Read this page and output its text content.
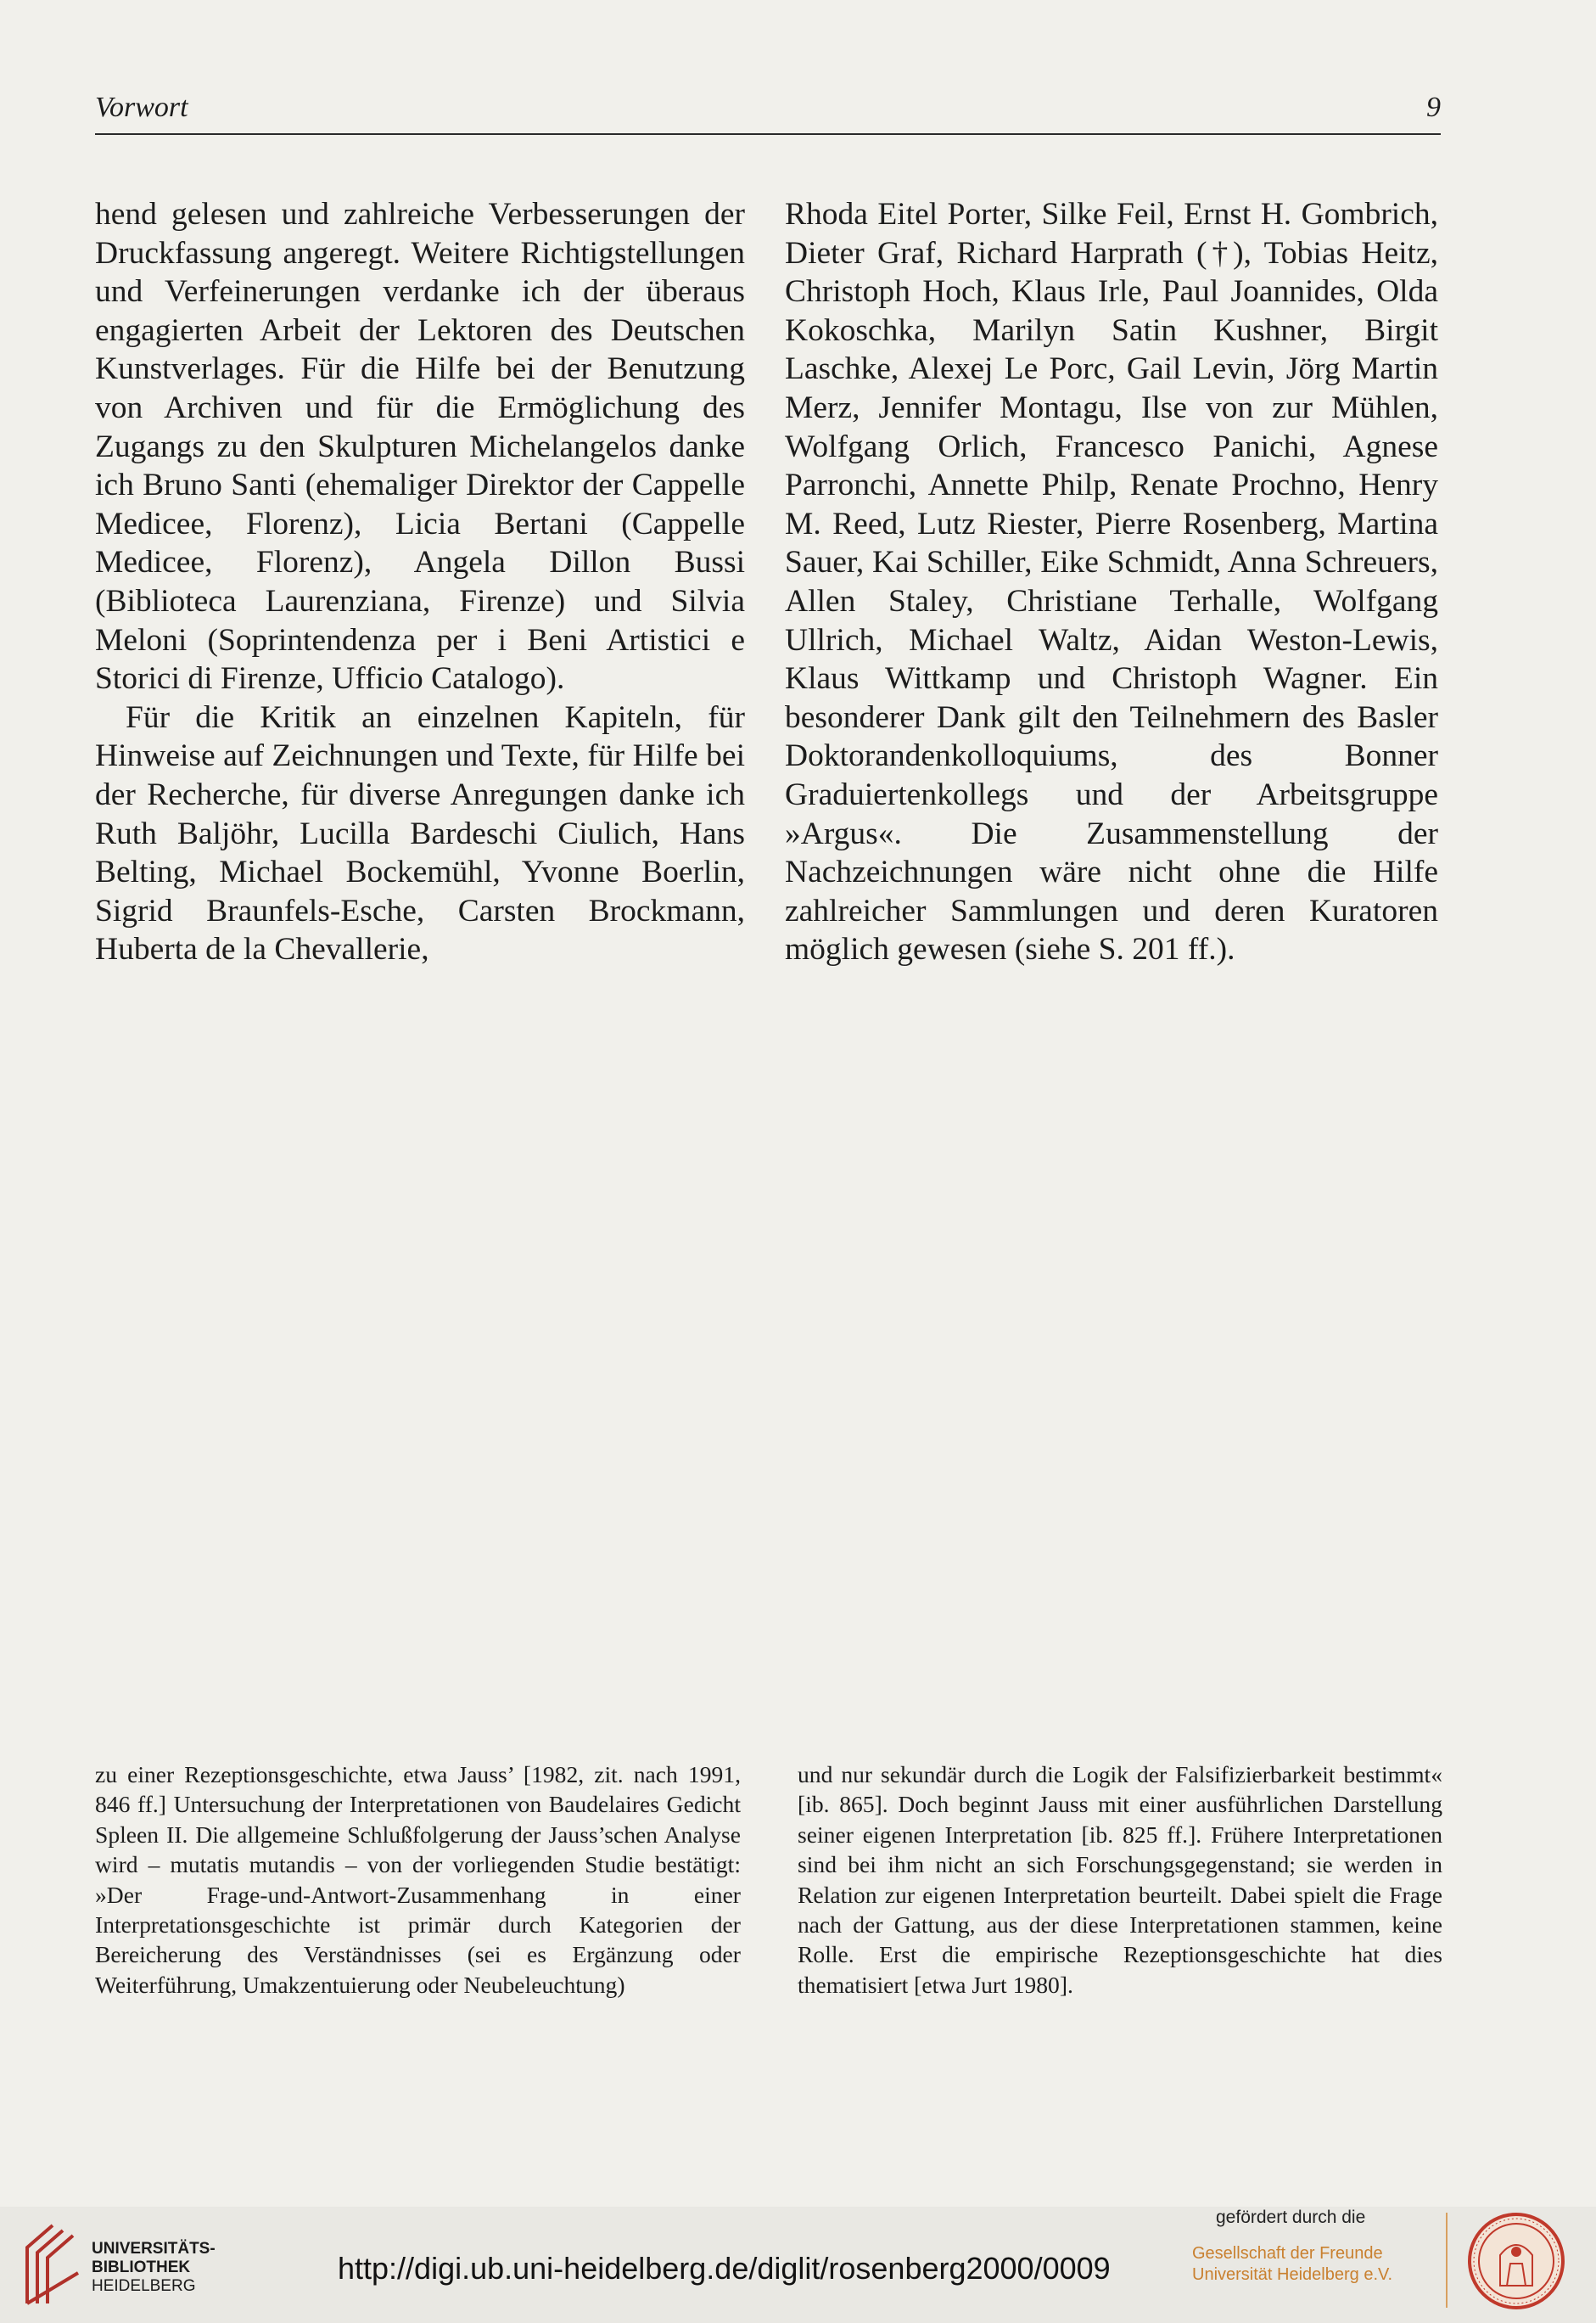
Vorwort	9

hend gelesen und zahlreiche Verbesserungen der Druckfassung angeregt. Weitere Richtigstellungen und Verfeinerungen verdanke ich der überaus engagierten Arbeit der Lektoren des Deutschen Kunstverlages. Für die Hilfe bei der Benutzung von Archiven und für die Ermöglichung des Zugangs zu den Skulpturen Michelangelos danke ich Bruno Santi (ehemaliger Direktor der Cappelle Medicee, Florenz), Licia Bertani (Cappelle Medicee, Florenz), Angela Dillon Bussi (Biblioteca Laurenziana, Firenze) und Silvia Meloni (Soprintendenza per i Beni Artistici e Storici di Firenze, Ufficio Catalogo).

Für die Kritik an einzelnen Kapiteln, für Hinweise auf Zeichnungen und Texte, für Hilfe bei der Recherche, für diverse Anregungen danke ich Ruth Baljöhr, Lucilla Bardeschi Ciulich, Hans Belting, Michael Bockemühl, Yvonne Boerlin, Sigrid Braunfels-Esche, Carsten Brockmann, Huberta de la Chevallerie,

Rhoda Eitel Porter, Silke Feil, Ernst H. Gombrich, Dieter Graf, Richard Harprath (†), Tobias Heitz, Christoph Hoch, Klaus Irle, Paul Joannides, Olda Kokoschka, Marilyn Satin Kushner, Birgit Laschke, Alexej Le Porc, Gail Levin, Jörg Martin Merz, Jennifer Montagu, Ilse von zur Mühlen, Wolfgang Orlich, Francesco Panichi, Agnese Parronchi, Annette Philp, Renate Prochno, Henry M. Reed, Lutz Riester, Pierre Rosenberg, Martina Sauer, Kai Schiller, Eike Schmidt, Anna Schreuers, Allen Staley, Christiane Terhalle, Wolfgang Ullrich, Michael Waltz, Aidan Weston-Lewis, Klaus Wittkamp und Christoph Wagner. Ein besonderer Dank gilt den Teilnehmern des Basler Doktorandenkolloquiums, des Bonner Graduiertenkollegs und der Arbeitsgruppe »Argus«. Die Zusammenstellung der Nachzeichnungen wäre nicht ohne die Hilfe zahlreicher Sammlungen und deren Kuratoren möglich gewesen (siehe S. 201 ff.).

zu einer Rezeptionsgeschichte, etwa Jauss’ [1982, zit. nach 1991, 846 ff.] Untersuchung der Interpretationen von Baudelaires Gedicht Spleen II. Die allgemeine Schlußfolgerung der Jauss’schen Analyse wird – mutatis mutandis – von der vorliegenden Studie bestätigt: »Der Frage-und-Antwort-Zusammenhang in einer Interpretationsgeschichte ist primär durch Kategorien der Bereicherung des Verständnisses (sei es Ergänzung oder Weiterführung, Umakzentuierung oder Neubeleuchtung)

und nur sekundär durch die Logik der Falsifizierbarkeit bestimmt« [ib. 865]. Doch beginnt Jauss mit einer ausführlichen Darstellung seiner eigenen Interpretation [ib. 825 ff.]. Frühere Interpretationen sind bei ihm nicht an sich Forschungsgegenstand; sie werden in Relation zur eigenen Interpretation beurteilt. Dabei spielt die Frage nach der Gattung, aus der diese Interpretationen stammen, keine Rolle. Erst die empirische Rezeptionsgeschichte hat dies thematisiert [etwa Jurt 1980].

UNIVERSITÄTS-
BIBLIOTHEK
HEIDELBERG
http://digi.ub.uni-heidelberg.de/diglit/rosenberg2000/0009
gefördert durch die
Gesellschaft der Freunde
Universität Heidelberg e.V.
